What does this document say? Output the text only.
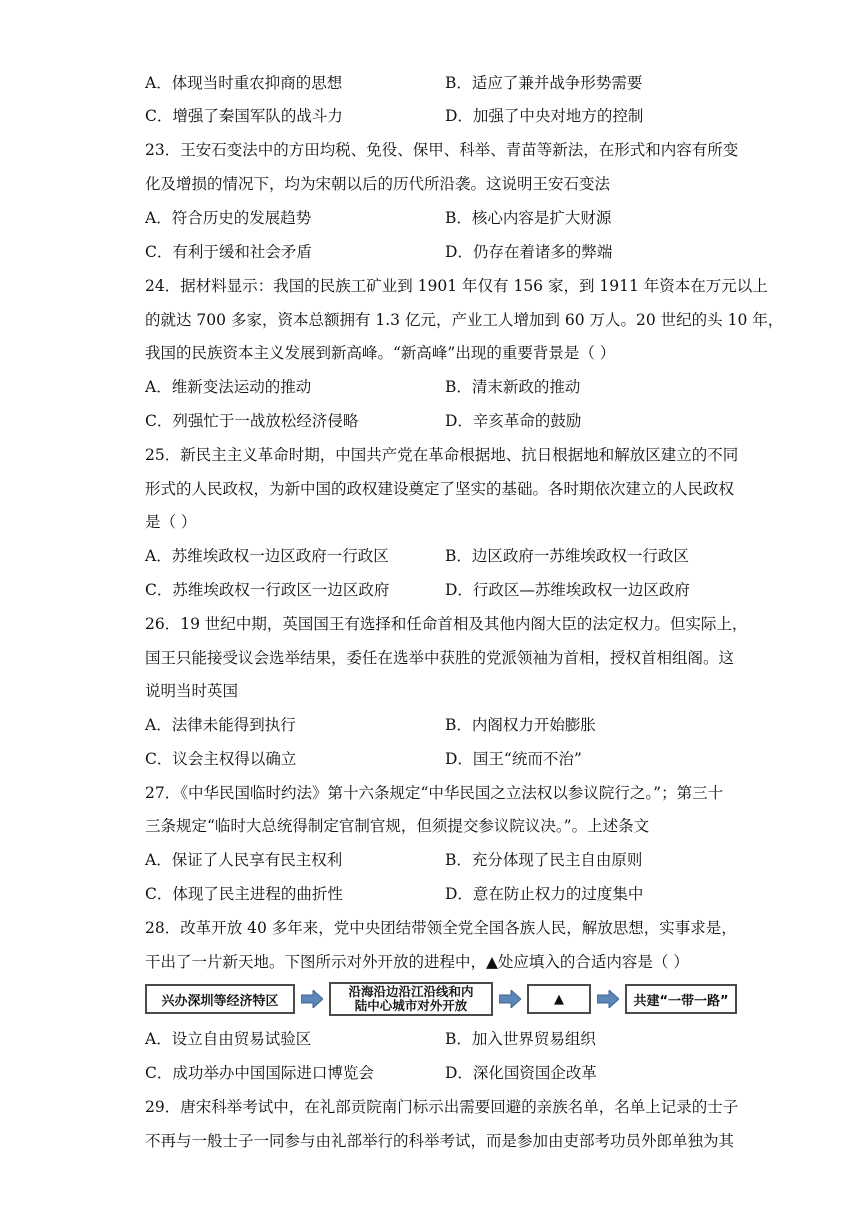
A．体现当时重农抑商的思想	B．适应了兼并战争形势需要
C．增强了秦国军队的战斗力	D．加强了中央对地方的控制
23．王安石变法中的方田均税、免役、保甲、科举、青苗等新法，在形式和内容有所变
化及增损的情况下，均为宋朝以后的历代所沿袭。这说明王安石变法
A．符合历史的发展趋势	B．核心内容是扩大财源
C．有利于缓和社会矛盾	D．仍存在着诸多的弊端
24．据材料显示：我国的民族工矿业到 1901 年仅有 156 家，到 1911 年资本在万元以上
的就达 700 多家，资本总额拥有 1.3 亿元，产业工人增加到 60 万人。20 世纪的头 10 年，
我国的民族资本主义发展到新高峰。“新高峰”出现的重要背景是（ ）
A．维新变法运动的推动	B．清末新政的推动
C．列强忙于一战放松经济侵略	D．辛亥革命的鼓励
25．新民主主义革命时期，中国共产党在革命根据地、抗日根据地和解放区建立的不同
形式的人民政权，为新中国的政权建设奠定了坚实的基础。各时期依次建立的人民政权
是（ ）
A．苏维埃政权一边区政府一行政区	B．边区政府一苏维埃政权一行政区
C．苏维埃政权一行政区一边区政府	D．行政区—苏维埃政权一边区政府
26．19 世纪中期，英国国王有选择和任命首相及其他内阁大臣的法定权力。但实际上，
国王只能接受议会选举结果，委任在选举中获胜的党派领袖为首相，授权首相组阁。这
说明当时英国
A．法律未能得到执行	B．内阁权力开始膨胀
C．议会主权得以确立	D．国王“统而不治”
27．《中华民国临时约法》第十六条规定“中华民国之立法权以参议院行之。”；第三十
三条规定“临时大总统得制定官制官规，但须提交参议院议决。”。上述条文
A．保证了人民享有民主权利	B．充分体现了民主自由原则
C．体现了民主进程的曲折性	D．意在防止权力的过度集中
28．改革开放 40 多年来，党中央团结带领全党全国各族人民，解放思想，实事求是，
干出了一片新天地。下图所示对外开放的进程中，▲处应填入的合适内容是（ ）
兴办深圳等经济特区
沿海沿边沿江沿线和内
陆中心城市对外开放	▲	共建“一带一路”
A．设立自由贸易试验区	B．加入世界贸易组织
C．成功举办中国国际进口博览会	D．深化国资国企改革
29．唐宋科举考试中，在礼部贡院南门标示出需要回避的亲族名单，名单上记录的士子
不再与一般士子一同参与由礼部举行的科举考试，而是参加由吏部考功员外郎单独为其
